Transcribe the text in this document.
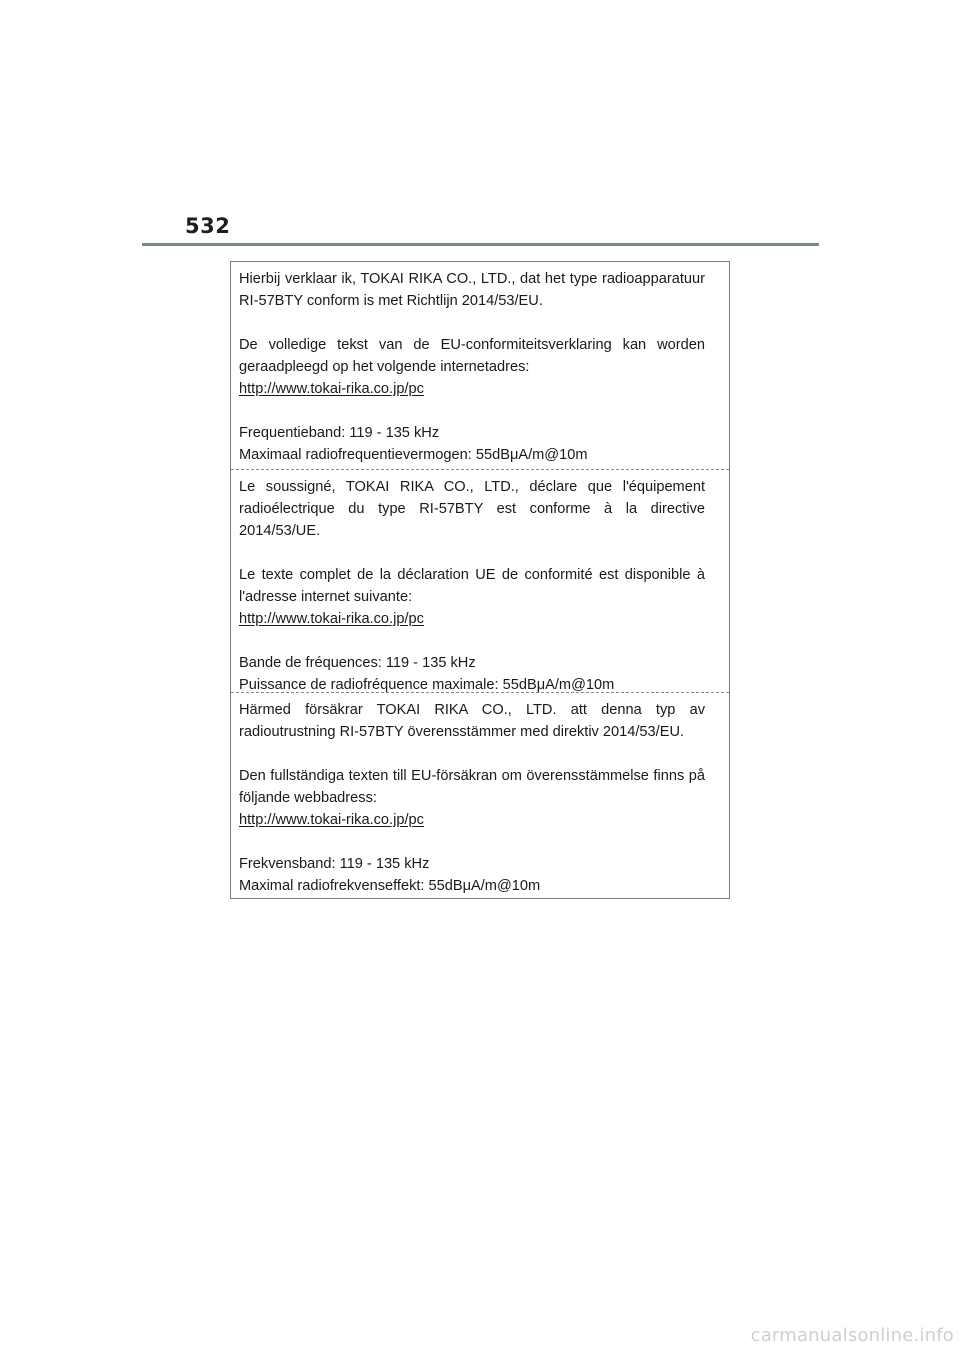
532

Hierbij verklaar ik, TOKAI RIKA CO., LTD., dat het type radioapparatuur RI-57BTY conform is met Richtlijn 2014/53/EU.

De volledige tekst van de EU-conformiteitsverklaring kan worden geraadpleegd op het volgende internetadres:

http://www.tokai-rika.co.jp/pc

Frequentieband: 119 - 135 kHz

Maximaal radiofrequentievermogen: 55dBμA/m@10m

Le soussigné, TOKAI RIKA CO., LTD., déclare que l'équipement radioélectrique du type RI-57BTY est conforme à la directive 2014/53/UE.

Le texte complet de la déclaration UE de conformité est disponible à l'adresse internet suivante:

http://www.tokai-rika.co.jp/pc

Bande de fréquences: 119 - 135 kHz

Puissance de radiofréquence maximale: 55dBμA/m@10m

Härmed försäkrar TOKAI RIKA CO., LTD. att denna typ av radioutrustning RI-57BTY överensstämmer med direktiv 2014/53/EU.

Den fullständiga texten till EU-försäkran om överensstämmelse finns på följande webbadress:

http://www.tokai-rika.co.jp/pc

Frekvensband: 119 - 135 kHz

Maximal radiofrekvenseffekt: 55dBμA/m@10m

carmanualsonline.info
